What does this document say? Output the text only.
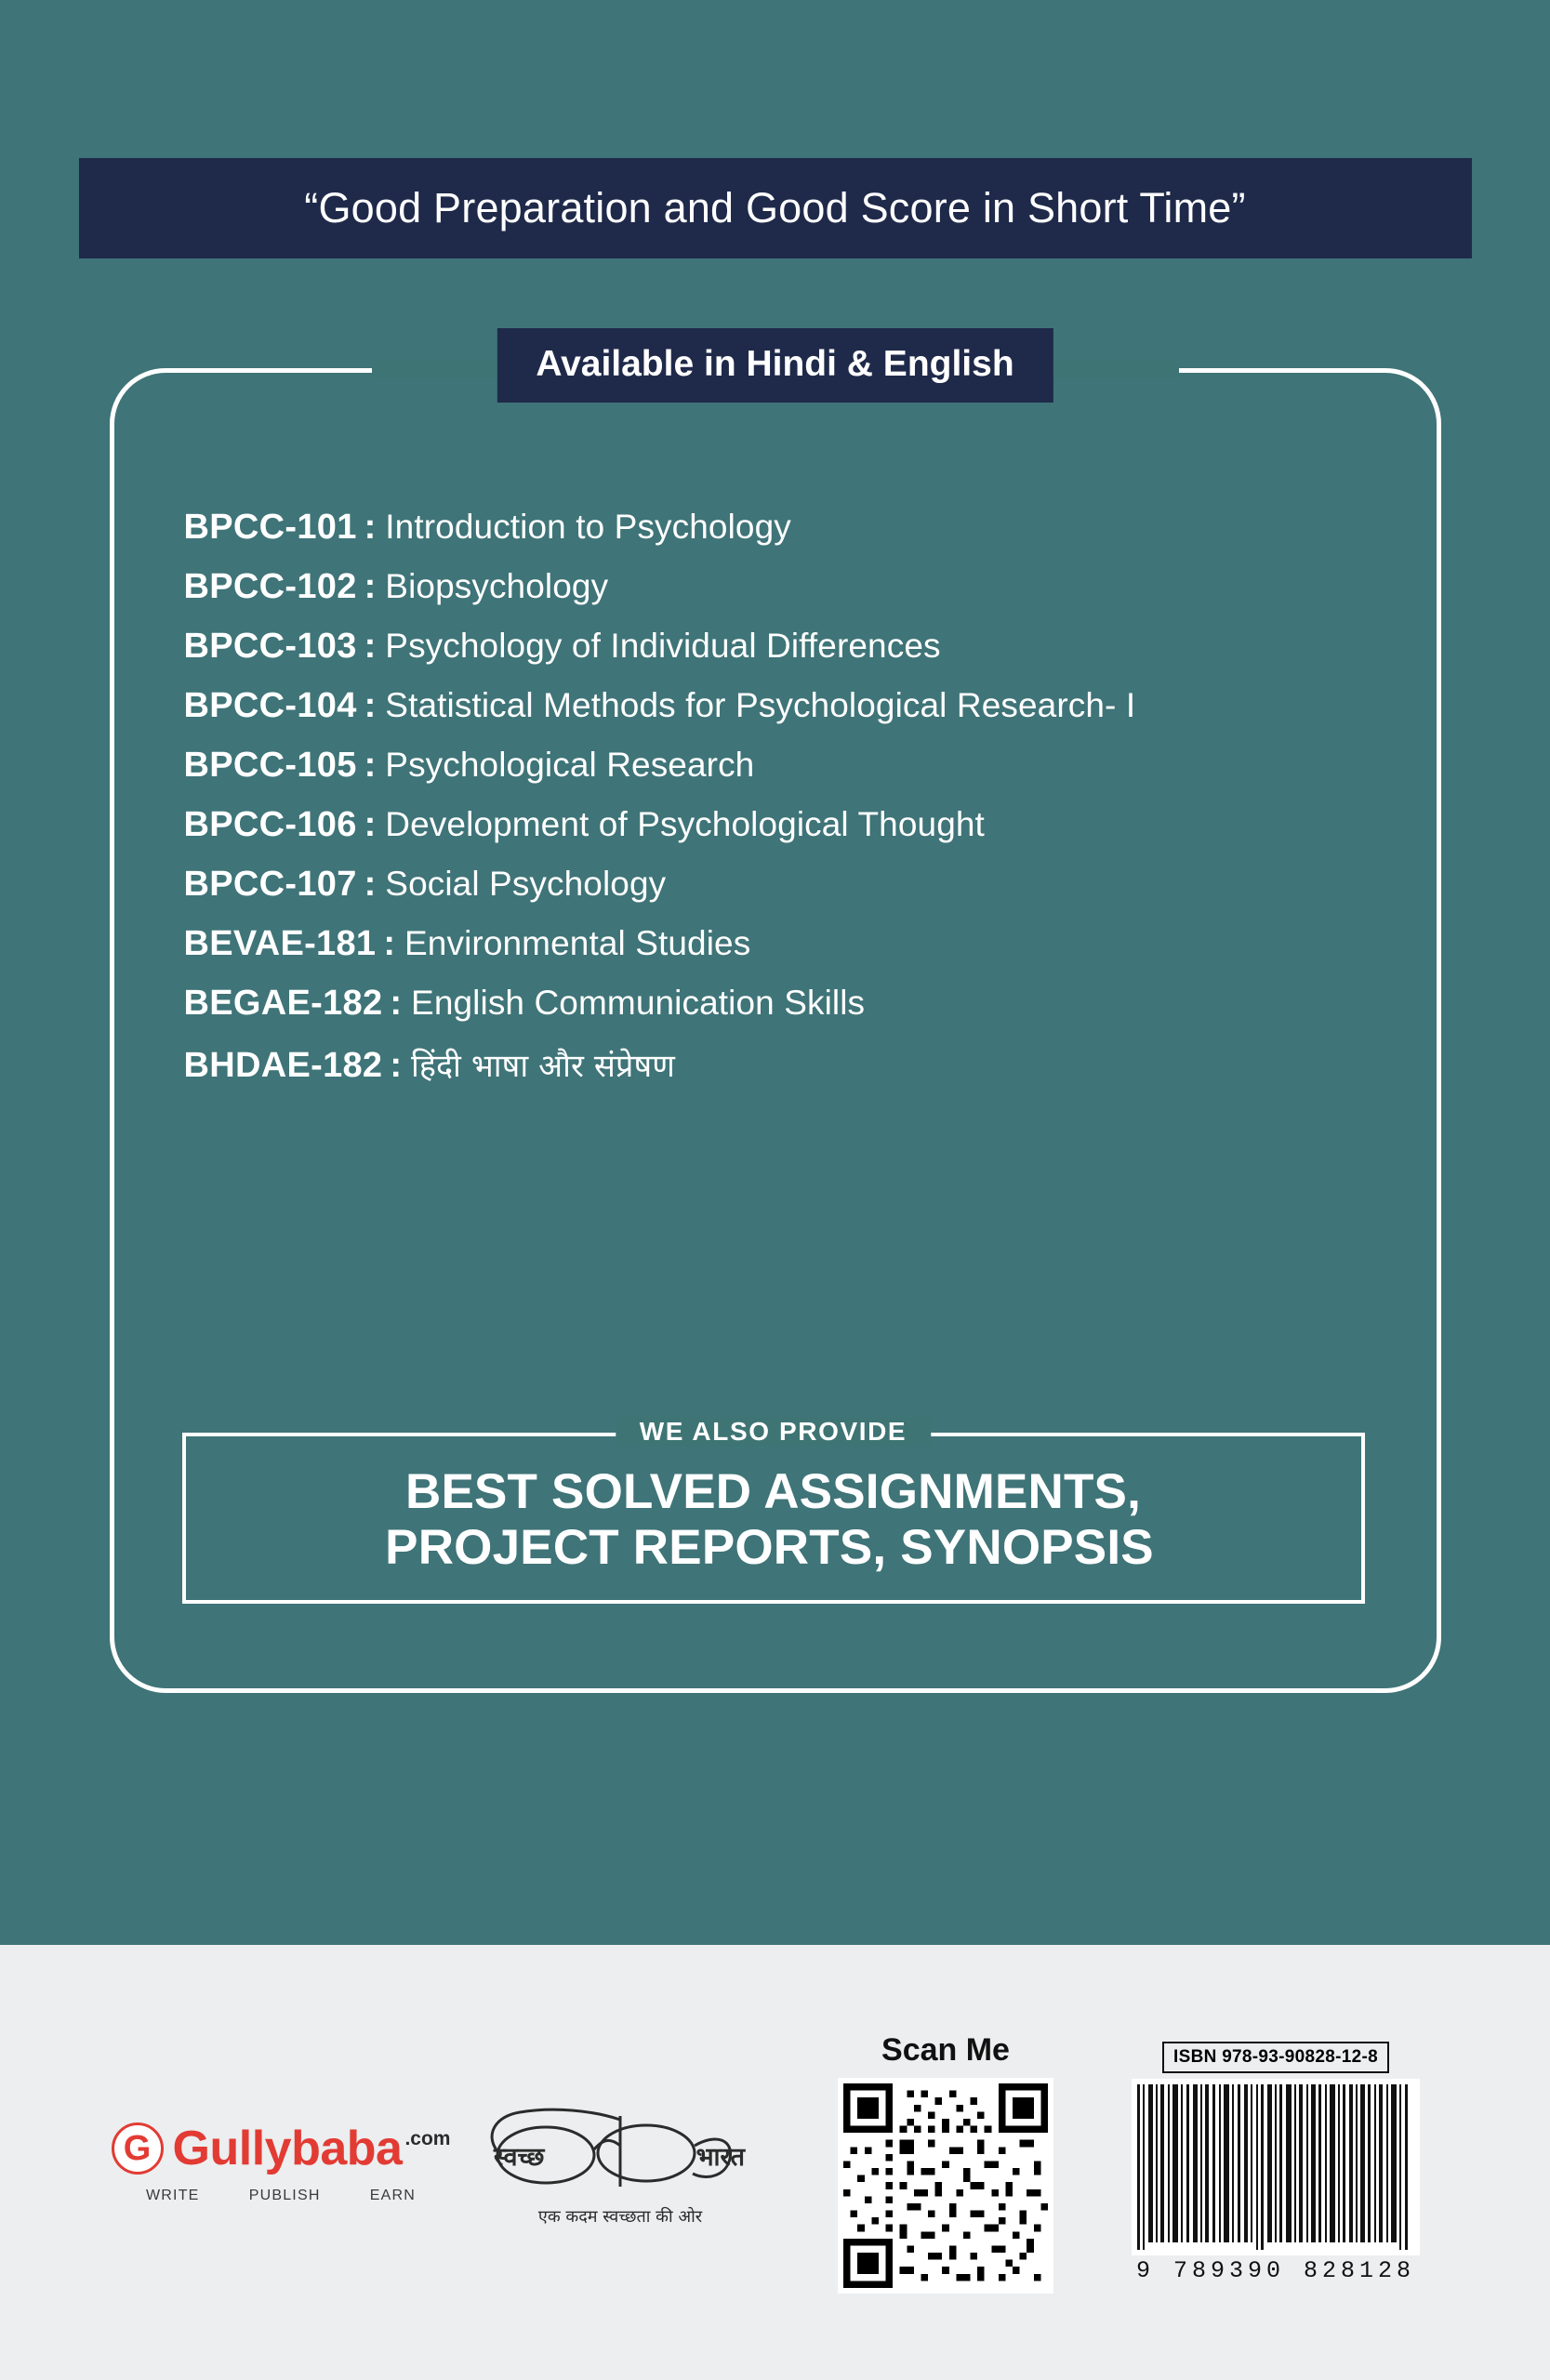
“Good Preparation and Good Score in Short Time”
Available in Hindi & English
BPCC-101 : Introduction to Psychology
BPCC-102 : Biopsychology
BPCC-103 : Psychology of Individual Differences
BPCC-104 : Statistical Methods for Psychological Research- I
BPCC-105 : Psychological Research
BPCC-106 : Development of Psychological Thought
BPCC-107 : Social Psychology
BEVAE-181 : Environmental Studies
BEGAE-182 : English Communication Skills
BHDAE-182 : हिंदी भाषा और संप्रेषण
WE ALSO PROVIDE
BEST SOLVED ASSIGNMENTS,
PROJECT REPORTS, SYNOPSIS
G Gullybaba .com
WRITE	PUBLISH	EARN
स्वच्छ	भारत
एक कदम स्वच्छता की ओर
Scan Me	ISBN 978-93-90828-12-8
9 789390 828128
